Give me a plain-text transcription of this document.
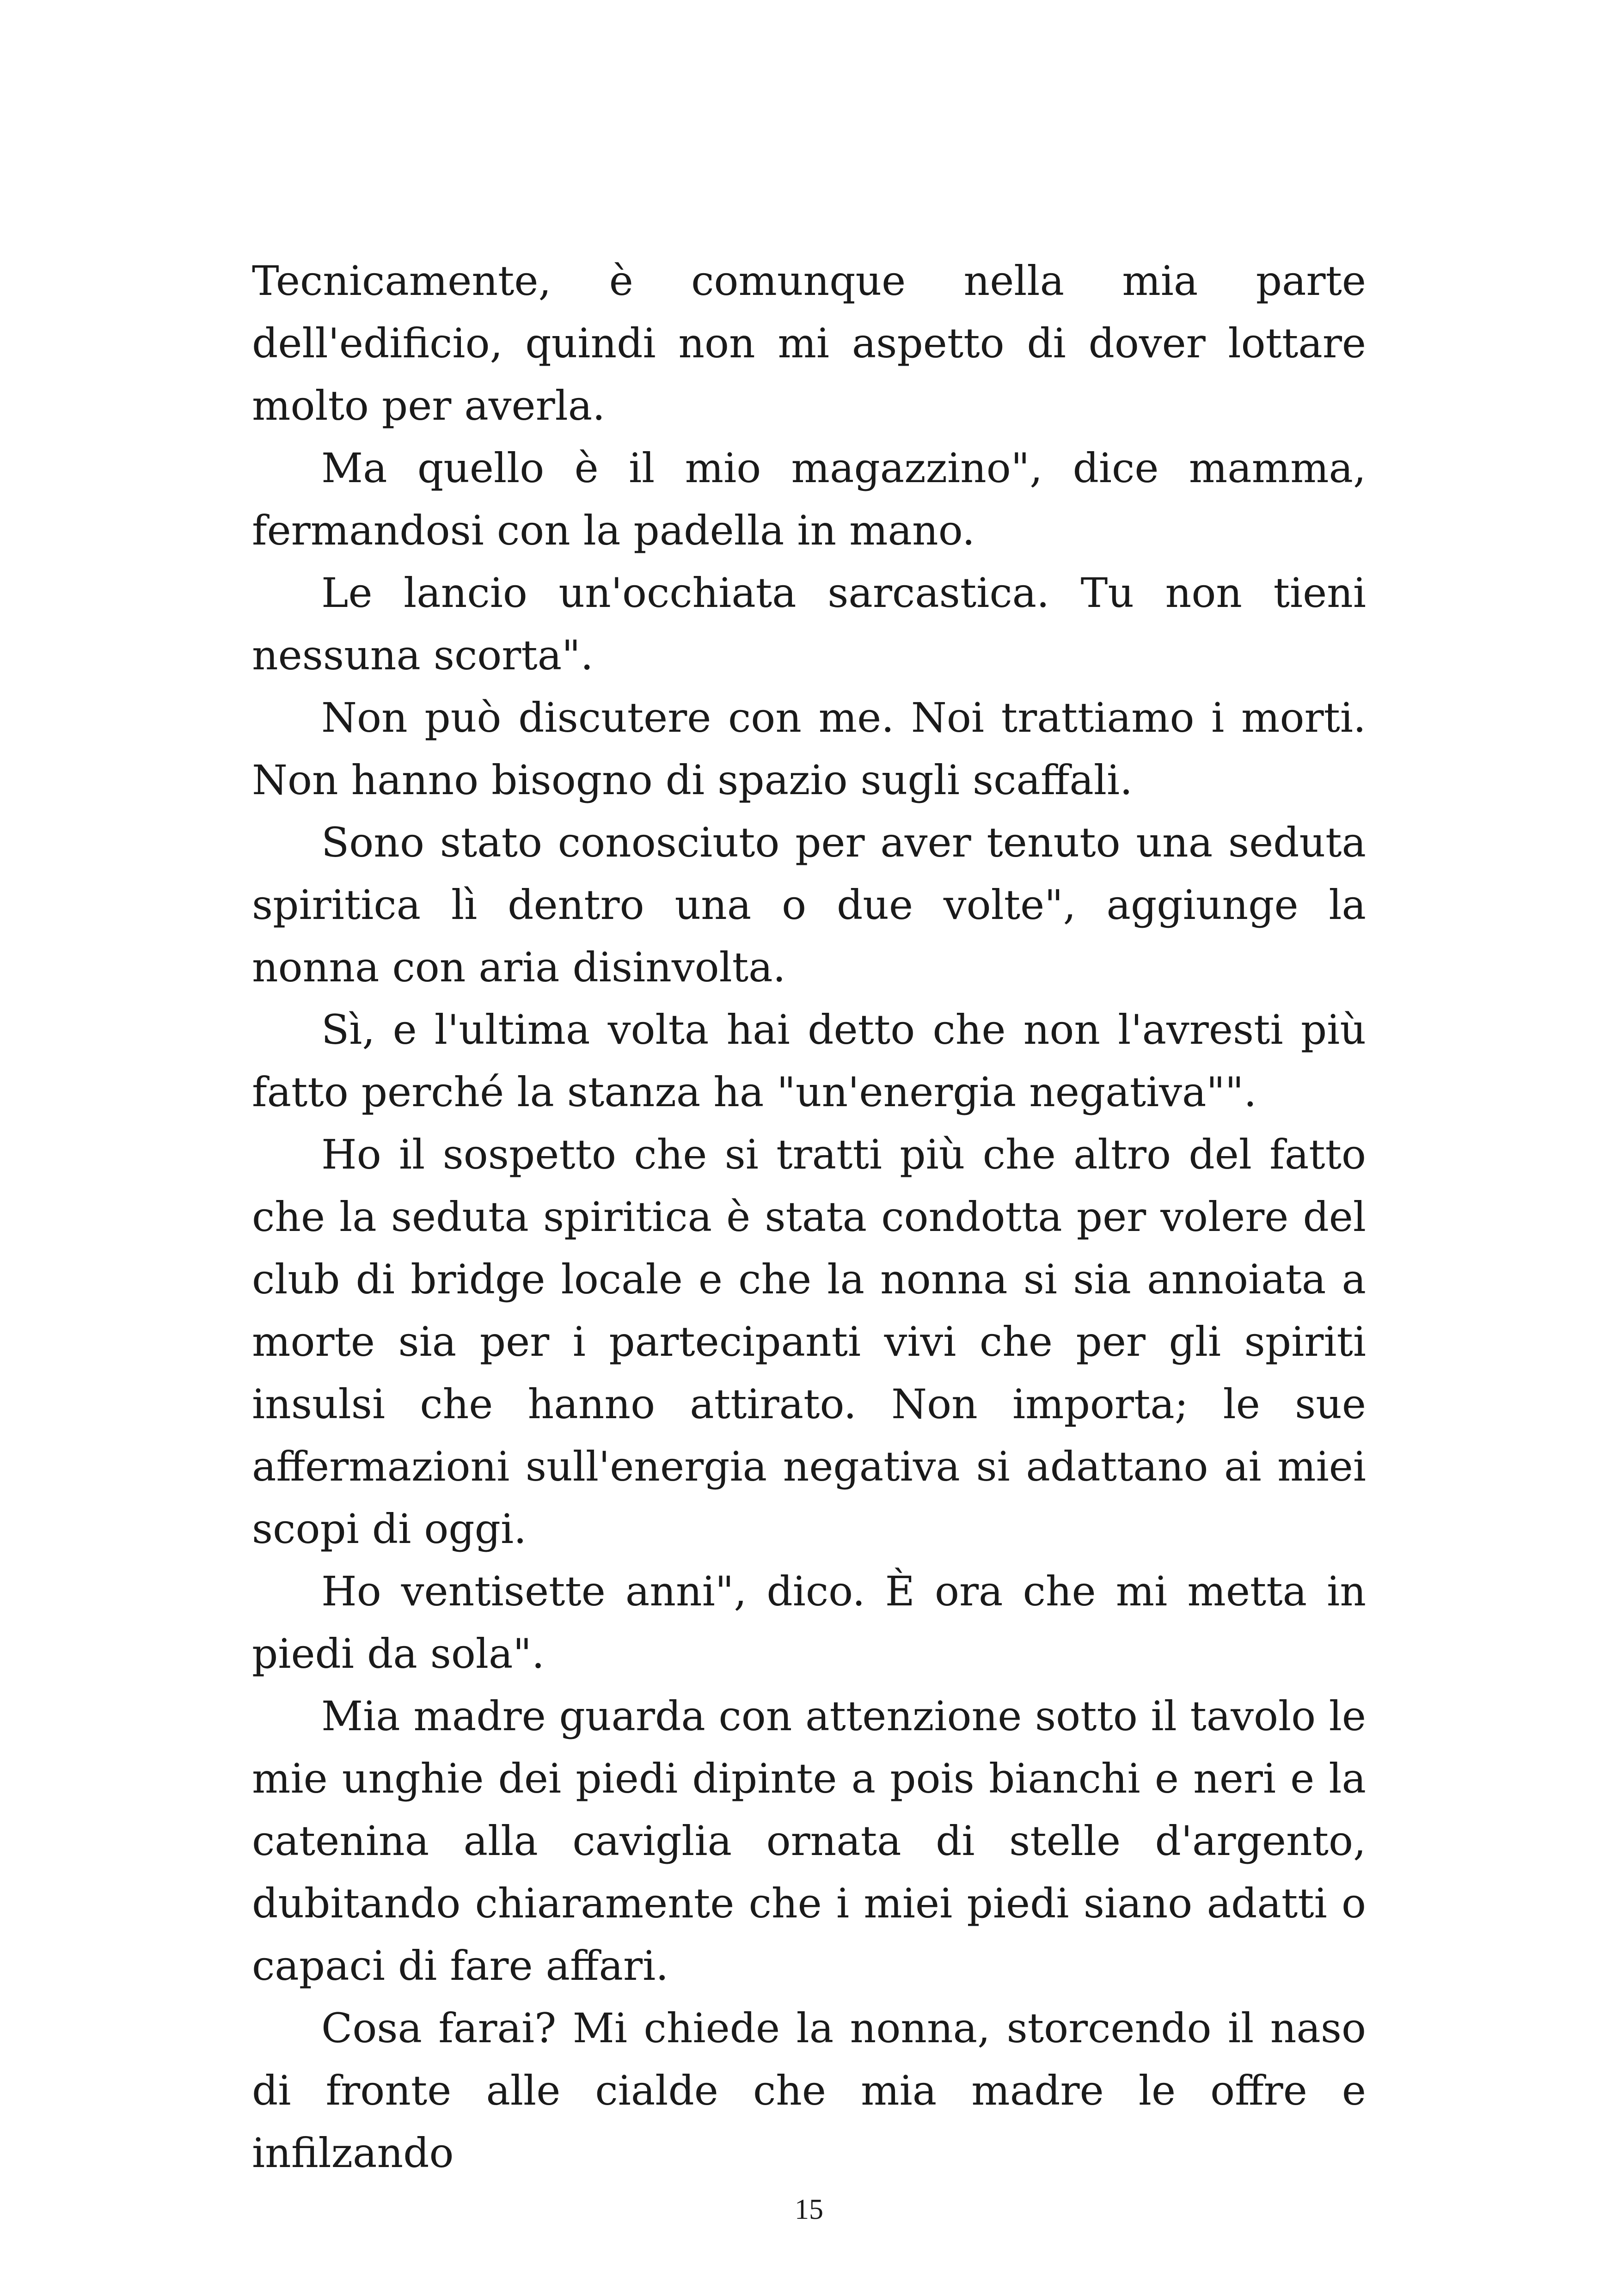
Tecnicamente, è comunque nella mia parte dell'edificio, quindi non mi aspetto di dover lottare molto per averla.

Ma quello è il mio magazzino", dice mamma, fermandosi con la padella in mano.

Le lancio un'occhiata sarcastica. Tu non tieni nessuna scorta".

Non può discutere con me. Noi trattiamo i morti. Non hanno bisogno di spazio sugli scaffali.

Sono stato conosciuto per aver tenuto una seduta spiritica lì dentro una o due volte", aggiunge la nonna con aria disinvolta.

Sì, e l'ultima volta hai detto che non l'avresti più fatto perché la stanza ha "un'energia negativa"".

Ho il sospetto che si tratti più che altro del fatto che la seduta spiritica è stata condotta per volere del club di bridge locale e che la nonna si sia annoiata a morte sia per i partecipanti vivi che per gli spiriti insulsi che hanno attirato. Non importa; le sue affermazioni sull'energia negativa si adattano ai miei scopi di oggi.

Ho ventisette anni", dico. È ora che mi metta in piedi da sola".

Mia madre guarda con attenzione sotto il tavolo le mie unghie dei piedi dipinte a pois bianchi e neri e la catenina alla caviglia ornata di stelle d'argento, dubitando chiaramente che i miei piedi siano adatti o capaci di fare affari.

Cosa farai? Mi chiede la nonna, storcendo il naso di fronte alle cialde che mia madre le offre e infilzando

15
